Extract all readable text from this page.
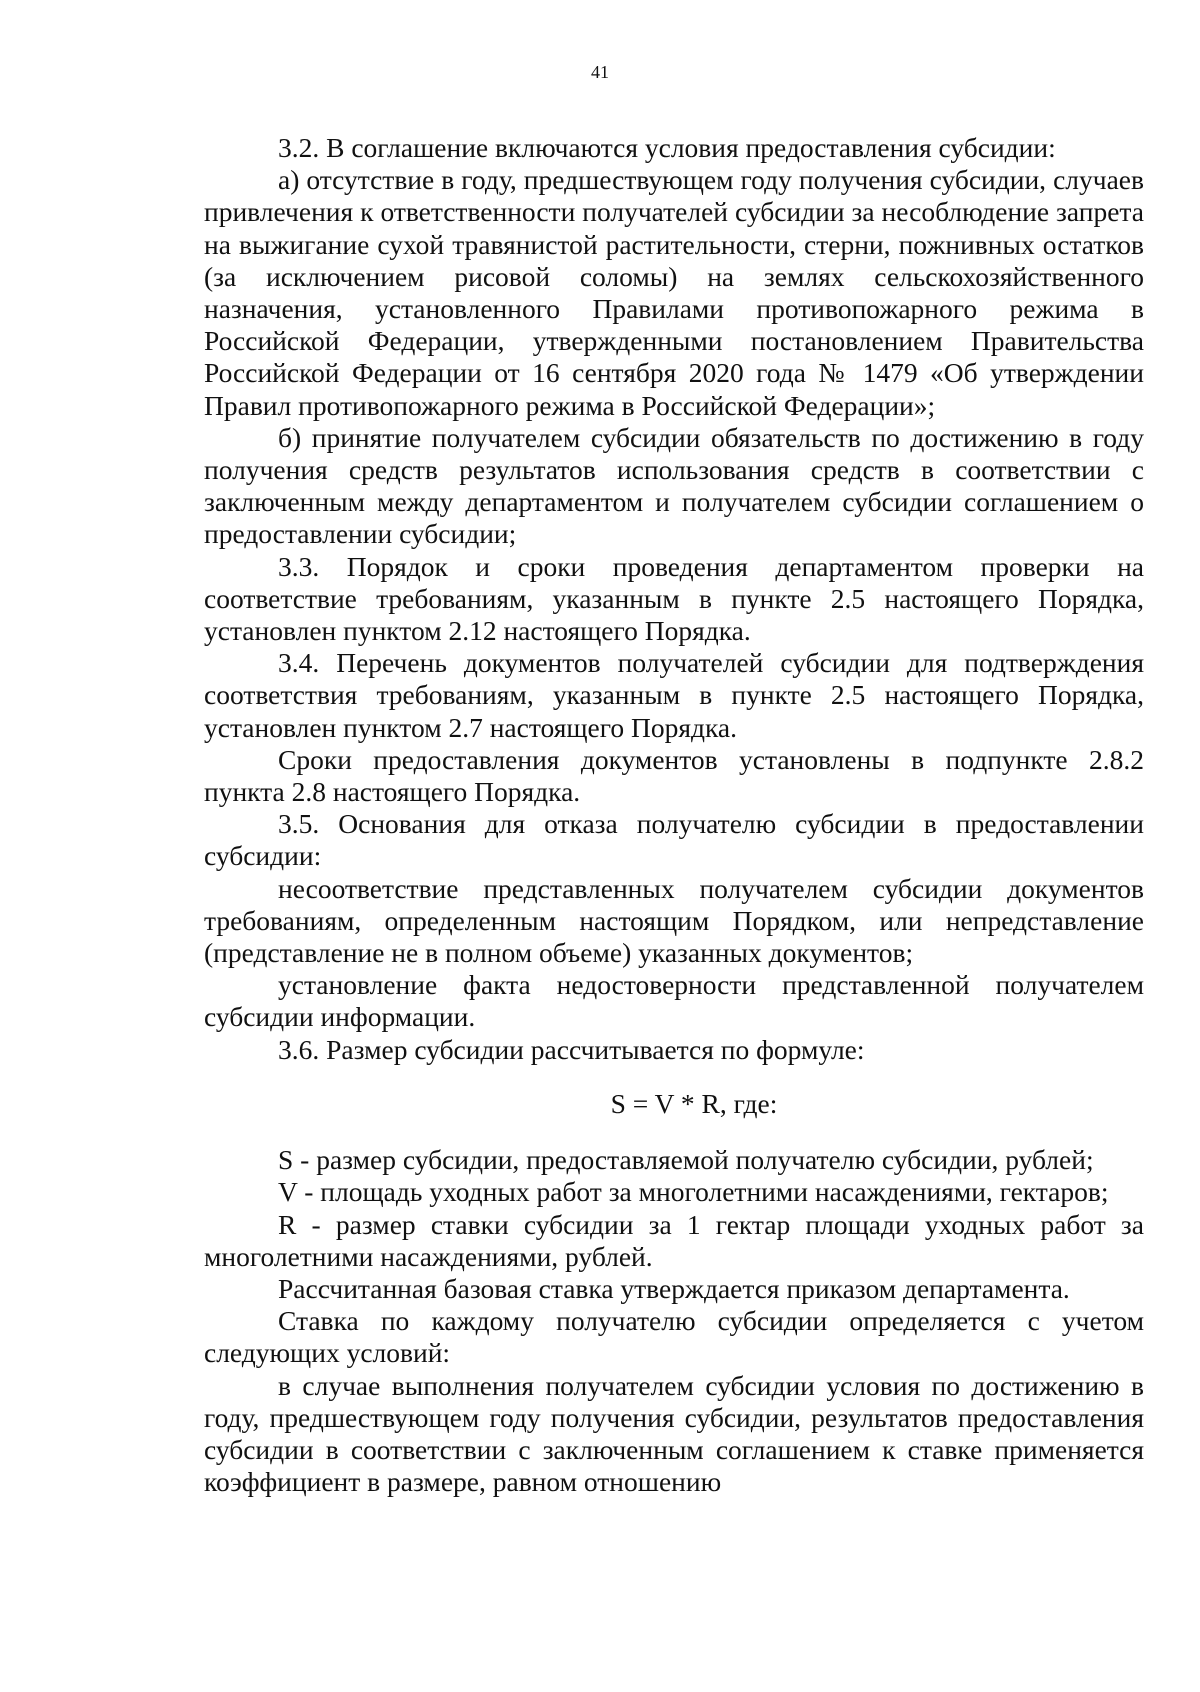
41

3.2. В соглашение включаются условия предоставления субсидии:

а) отсутствие в году, предшествующем году получения субсидии, случаев привлечения к ответственности получателей субсидии за несоблюдение запрета на выжигание сухой травянистой растительности, стерни, пожнивных остатков (за исключением рисовой соломы) на землях сельскохозяйственного назначения, установленного Правилами противопожарного режима в Российской Федерации, утвержденными постановлением Правительства Российской Федерации от 16 сентября 2020 года № 1479 «Об утверждении Правил противопожарного режима в Российской Федерации»;

б) принятие получателем субсидии обязательств по достижению в году получения средств результатов использования средств в соответствии с заключенным между департаментом и получателем субсидии соглашением о предоставлении субсидии;

3.3. Порядок и сроки проведения департаментом проверки на соответствие требованиям, указанным в пункте 2.5 настоящего Порядка, установлен пунктом 2.12 настоящего Порядка.

3.4. Перечень документов получателей субсидии для подтверждения соответствия требованиям, указанным в пункте 2.5 настоящего Порядка, установлен пунктом 2.7 настоящего Порядка.

Сроки предоставления документов установлены в подпункте 2.8.2 пункта 2.8 настоящего Порядка.

3.5. Основания для отказа получателю субсидии в предоставлении субсидии:

несоответствие представленных получателем субсидии документов требованиям, определенным настоящим Порядком, или непредставление (представление не в полном объеме) указанных документов;

установление факта недостоверности представленной получателем субсидии информации.

3.6. Размер субсидии рассчитывается по формуле:

S = V * R, где:

S - размер субсидии, предоставляемой получателю субсидии, рублей;

V - площадь уходных работ за многолетними насаждениями, гектаров;

R - размер ставки субсидии за 1 гектар площади уходных работ за многолетними насаждениями, рублей.

Рассчитанная базовая ставка утверждается приказом департамента.

Ставка по каждому получателю субсидии определяется с учетом следующих условий:

в случае выполнения получателем субсидии условия по достижению в году, предшествующем году получения субсидии, результатов предоставления субсидии в соответствии с заключенным соглашением к ставке применяется коэффициент в размере, равном отношению
